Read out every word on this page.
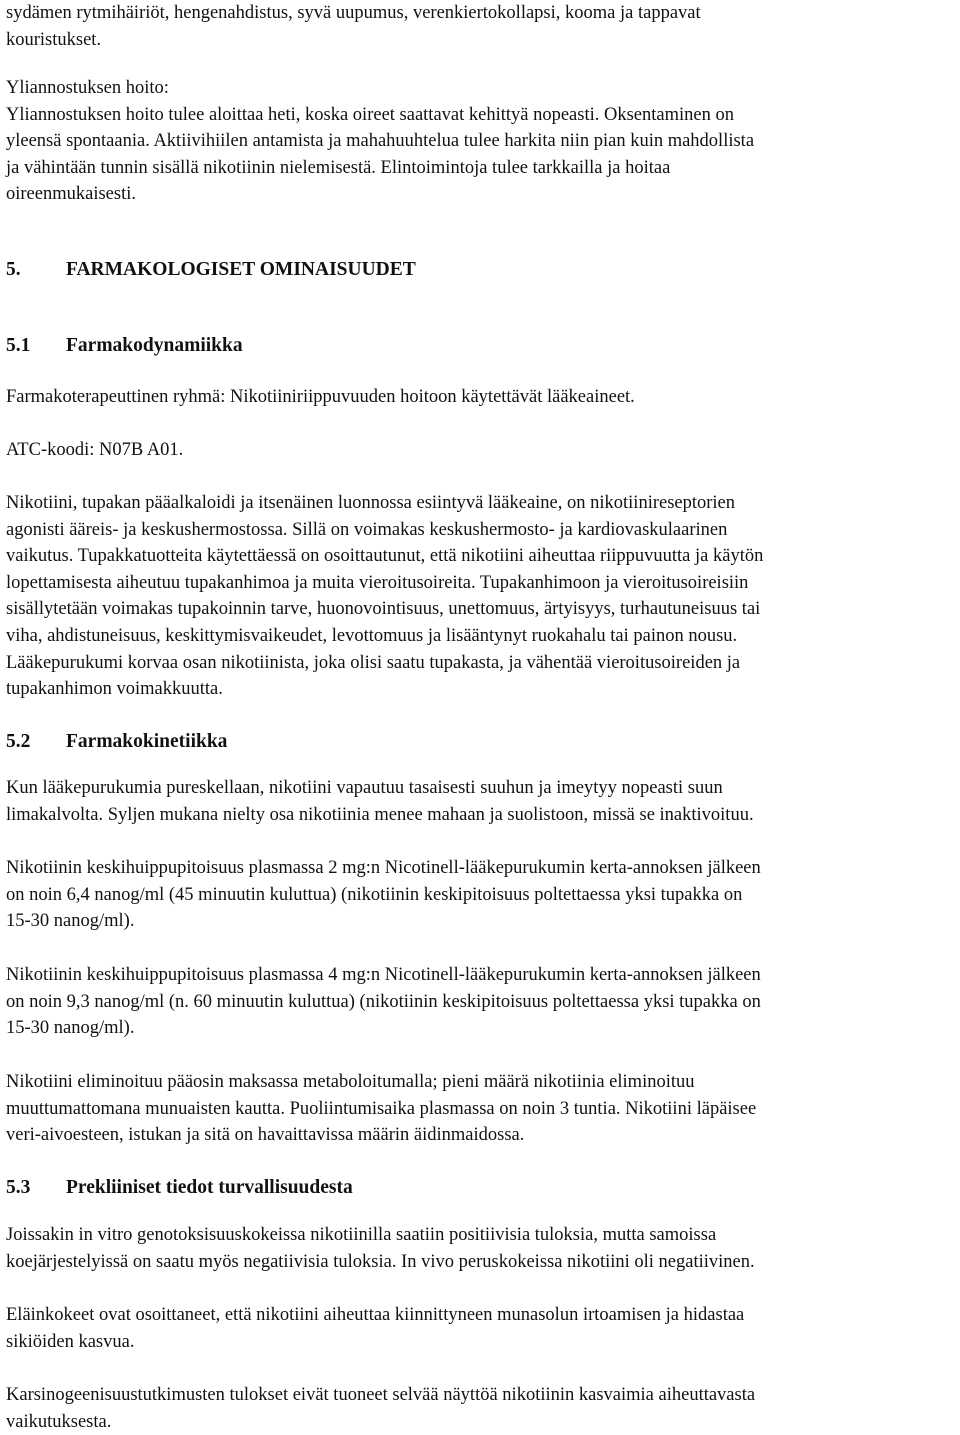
sydämen rytmihäiriöt, hengenahdistus, syvä uupumus, verenkiertokollapsi, kooma ja tappavat
kouristukset.

Yliannostuksen hoito:
Yliannostuksen hoito tulee aloittaa heti, koska oireet saattavat kehittyä nopeasti. Oksentaminen on
yleensä spontaania. Aktiivihiilen antamista ja mahahuuhtelua tulee harkita niin pian kuin mahdollista
ja vähintään tunnin sisällä nikotiinin nielemisestä. Elintoimintoja tulee tarkkailla ja hoitaa
oireenmukaisesti.

5. FARMAKOLOGISET OMINAISUUDET

5.1 Farmakodynamiikka

Farmakoterapeuttinen ryhmä: Nikotiiniriippuvuuden hoitoon käytettävät lääkeaineet.

ATC-koodi: N07B A01.

Nikotiini, tupakan pääalkaloidi ja itsenäinen luonnossa esiintyvä lääkeaine, on nikotiinireseptorien
agonisti ääreis- ja keskushermostossa. Sillä on voimakas keskushermosto- ja kardiovaskulaarinen
vaikutus. Tupakkatuotteita käytettäessä on osoittautunut, että nikotiini aiheuttaa riippuvuutta ja käytön
lopettamisesta aiheutuu tupakanhimoa ja muita vieroitusoireita. Tupakanhimoon ja vieroitusoireisiin
sisällytetään voimakas tupakoinnin tarve, huonovointisuus, unettomuus, ärtyisyys, turhautuneisuus tai
viha, ahdistuneisuus, keskittymisvaikeudet, levottomuus ja lisääntynyt ruokahalu tai painon nousu.
Lääkepurukumi korvaa osan nikotiinista, joka olisi saatu tupakasta, ja vähentää vieroitusoireiden ja
tupakanhimon voimakkuutta.

5.2 Farmakokinetiikka

Kun lääkepurukumia pureskellaan, nikotiini vapautuu tasaisesti suuhun ja imeytyy nopeasti suun
limakalvolta. Syljen mukana nielty osa nikotiinia menee mahaan ja suolistoon, missä se inaktivoituu.

Nikotiinin keskihuippupitoisuus plasmassa 2 mg:n Nicotinell-lääkepurukumin kerta-annoksen jälkeen
on noin 6,4 nanog/ml (45 minuutin kuluttua) (nikotiinin keskipitoisuus poltettaessa yksi tupakka on
15-30 nanog/ml).

Nikotiinin keskihuippupitoisuus plasmassa 4 mg:n Nicotinell-lääkepurukumin kerta-annoksen jälkeen
on noin 9,3 nanog/ml (n. 60 minuutin kuluttua) (nikotiinin keskipitoisuus poltettaessa yksi tupakka on
15-30 nanog/ml).

Nikotiini eliminoituu pääosin maksassa metaboloitumalla; pieni määrä nikotiinia eliminoituu
muuttumattomana munuaisten kautta. Puoliintumisaika plasmassa on noin 3 tuntia. Nikotiini läpäisee
veri-aivoesteen, istukan ja sitä on havaittavissa määrin äidinmaidossa.

5.3 Prekliiniset tiedot turvallisuudesta

Joissakin in vitro genotoksisuuskokeissa nikotiinilla saatiin positiivisia tuloksia, mutta samoissa
koejärjestelyissä on saatu myös negatiivisia tuloksia. In vivo peruskokeissa nikotiini oli negatiivinen.

Eläinkokeet ovat osoittaneet, että nikotiini aiheuttaa kiinnittyneen munasolun irtoamisen ja hidastaa
sikiöiden kasvua.

Karsinogeenisuustutkimusten tulokset eivät tuoneet selvää näyttöä nikotiinin kasvaimia aiheuttavasta
vaikutuksesta.
